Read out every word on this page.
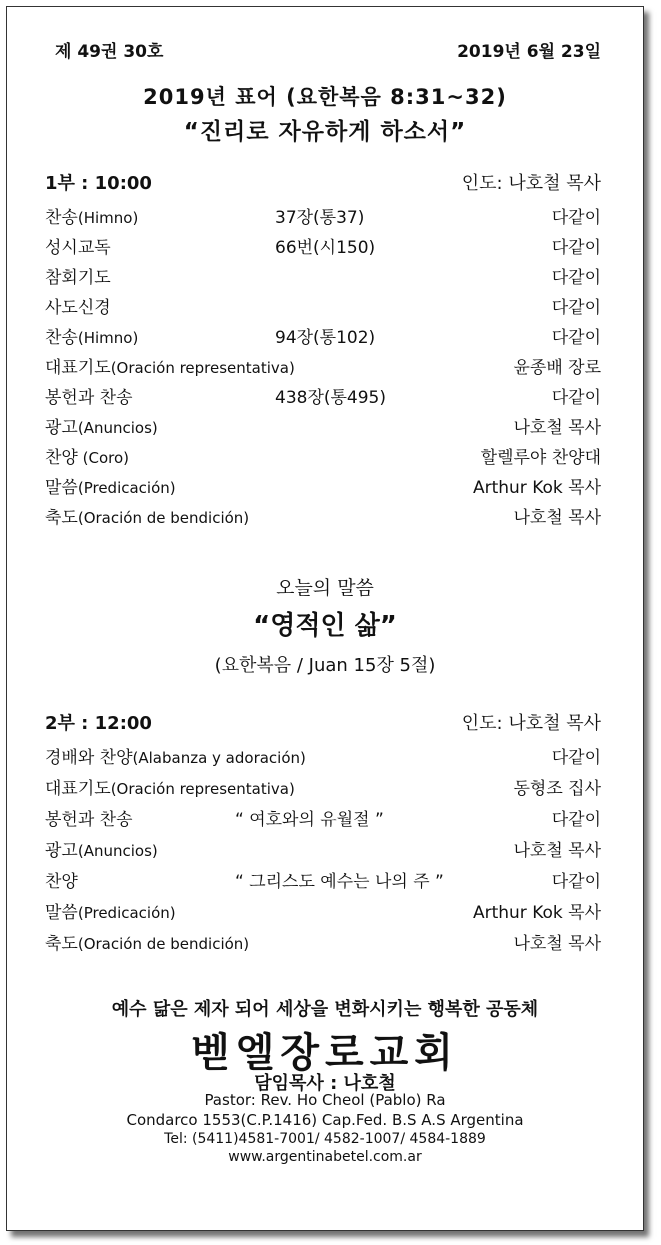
제 49권 30호	2019년 6월 23일
2019년 표어 (요한복음 8:31~32)
“진리로 자유하게 하소서”
1부 : 10:00	인도: 나호철 목사
찬송(Himno)	37장(통37)	다같이
성시교독	66번(시150)	다같이
참회기도	다같이
사도신경	다같이
찬송(Himno)	94장(통102)	다같이
대표기도(Oración representativa)	윤종배 장로
봉헌과 찬송	438장(통495)	다같이
광고(Anuncios)	나호철 목사
찬양 (Coro)	할렐루야 찬양대
말씀(Predicación)	Arthur Kok 목사
축도(Oración de bendición)	나호철 목사
오늘의 말씀
“영적인 삶”
(요한복음 / Juan 15장 5절)
2부 : 12:00	인도: 나호철 목사
경배와 찬양(Alabanza y adoración)	다같이
대표기도(Oración representativa)	동형조 집사
봉헌과 찬송	“ 여호와의 유월절 ”	다같이
광고(Anuncios)	나호철 목사
찬양	“ 그리스도 예수는 나의 주 ”	다같이
말씀(Predicación)	Arthur Kok 목사
축도(Oración de bendición)	나호철 목사
예수 닮은 제자 되어 세상을 변화시키는 행복한 공동체
벧엘장로교회
담임목사 : 나호철
Pastor: Rev. Ho Cheol (Pablo) Ra
Condarco 1553(C.P.1416) Cap.Fed. B.S A.S Argentina
Tel: (5411)4581-7001/ 4582-1007/ 4584-1889
www.argentinabetel.com.ar
